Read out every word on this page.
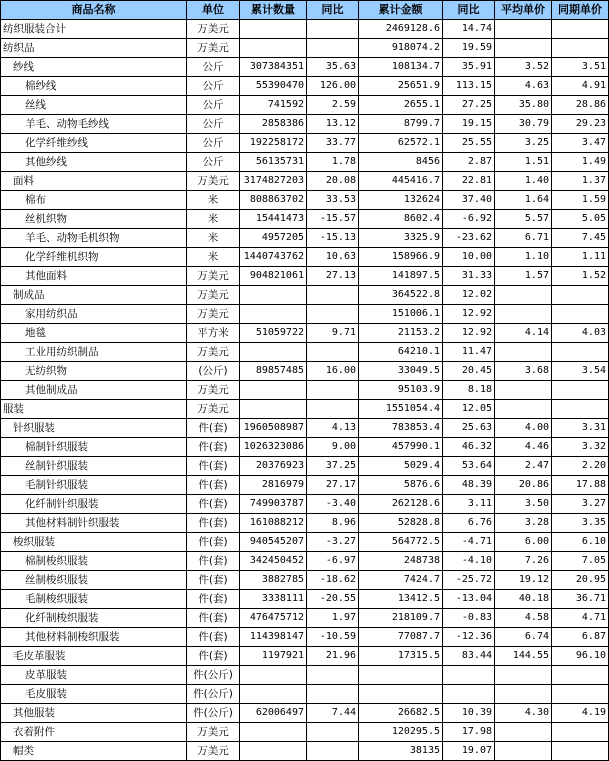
商品名称	单位	累计数量	同比	累计金额	同比	平均单价	同期单价
纺织服装合计	万美元			2469128.6	14.74		
纺织品	万美元			918074.2	19.59		
纱线	公斤	307384351	35.63	108134.7	35.91	3.52	3.51
棉纱线	公斤	55390470	126.00	25651.9	113.15	4.63	4.91
丝线	公斤	741592	2.59	2655.1	27.25	35.80	28.86
羊毛、动物毛纱线	公斤	2858386	13.12	8799.7	19.15	30.79	29.23
化学纤维纱线	公斤	192258172	33.77	62572.1	25.55	3.25	3.47
其他纱线	公斤	56135731	1.78	8456	2.87	1.51	1.49
面料	万美元	3174827203	20.08	445416.7	22.81	1.40	1.37
棉布	米	808863702	33.53	132624	37.40	1.64	1.59
丝机织物	米	15441473	-15.57	8602.4	-6.92	5.57	5.05
羊毛、动物毛机织物	米	4957205	-15.13	3325.9	-23.62	6.71	7.45
化学纤维机织物	米	1440743762	10.63	158966.9	10.00	1.10	1.11
其他面料	万美元	904821061	27.13	141897.5	31.33	1.57	1.52
制成品	万美元			364522.8	12.02		
家用纺织品	万美元			151006.1	12.92		
地毯	平方米	51059722	9.71	21153.2	12.92	4.14	4.03
工业用纺织制品	万美元			64210.1	11.47		
无纺织物	(公斤)	89857485	16.00	33049.5	20.45	3.68	3.54
其他制成品	万美元			95103.9	8.18		
服装	万美元			1551054.4	12.05		
针织服装	件(套)	1960508987	4.13	783853.4	25.63	4.00	3.31
棉制针织服装	件(套)	1026323086	9.00	457990.1	46.32	4.46	3.32
丝制针织服装	件(套)	20376923	37.25	5029.4	53.64	2.47	2.20
毛制针织服装	件(套)	2816979	27.17	5876.6	48.39	20.86	17.88
化纤制针织服装	件(套)	749903787	-3.40	262128.6	3.11	3.50	3.27
其他材料制针织服装	件(套)	161088212	8.96	52828.8	6.76	3.28	3.35
梭织服装	件(套)	940545207	-3.27	564772.5	-4.71	6.00	6.10
棉制梭织服装	件(套)	342450452	-6.97	248738	-4.10	7.26	7.05
丝制梭织服装	件(套)	3882785	-18.62	7424.7	-25.72	19.12	20.95
毛制梭织服装	件(套)	3338111	-20.55	13412.5	-13.04	40.18	36.71
化纤制梭织服装	件(套)	476475712	1.97	218109.7	-0.83	4.58	4.71
其他材料制梭织服装	件(套)	114398147	-10.59	77087.7	-12.36	6.74	6.87
毛皮革服装	件(套)	1197921	21.96	17315.5	83.44	144.55	96.10
皮革服装	件(公斤)						
毛皮服装	件(公斤)						
其他服装	件(公斤)	62006497	7.44	26682.5	10.39	4.30	4.19
衣着附件	万美元			120295.5	17.98		
帽类	万美元			38135	19.07		
